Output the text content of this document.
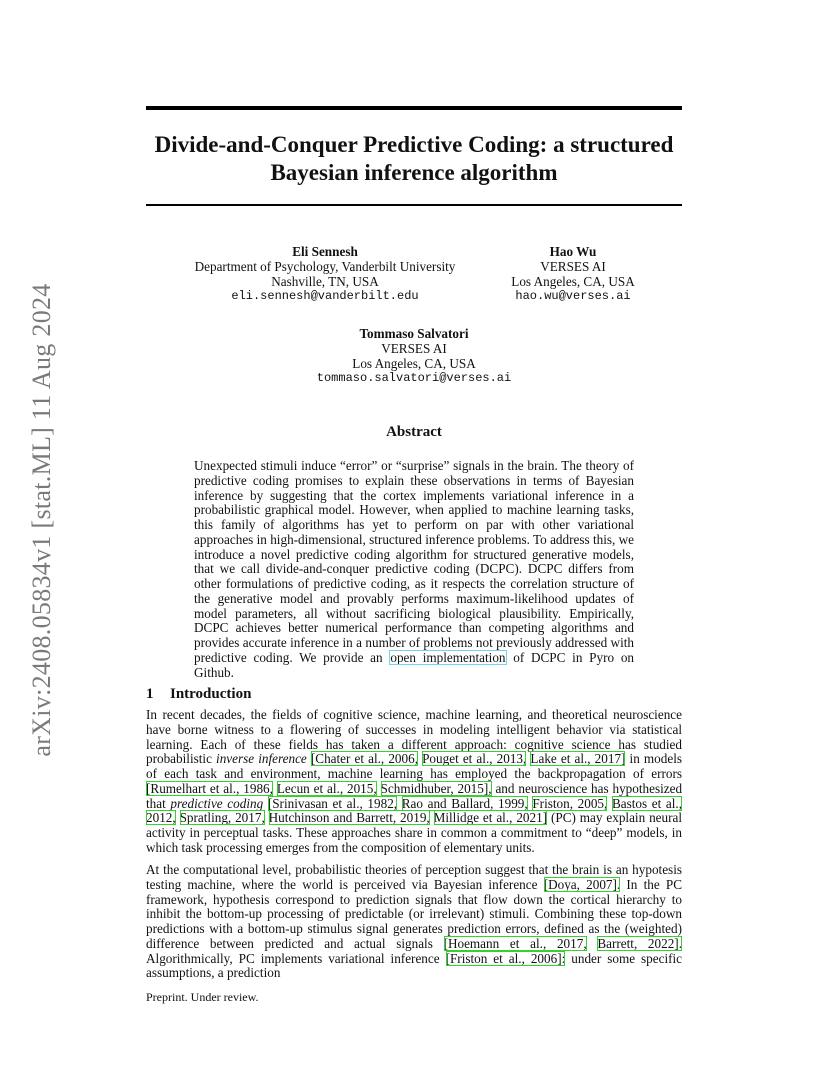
arXiv:2408.05834v1 [stat.ML] 11 Aug 2024
Divide-and-Conquer Predictive Coding: a structured
Bayesian inference algorithm
Eli Sennesh
Department of Psychology, Vanderbilt University
Nashville, TN, USA
eli.sennesh@vanderbilt.edu
Hao Wu
VERSES AI
Los Angeles, CA, USA
hao.wu@verses.ai
Tommaso Salvatori
VERSES AI
Los Angeles, CA, USA
tommaso.salvatori@verses.ai
Abstract
Unexpected stimuli induce “error” or “surprise” signals in the brain. The theory of predictive coding promises to explain these observations in terms of Bayesian inference by suggesting that the cortex implements variational inference in a probabilistic graphical model. However, when applied to machine learning tasks, this family of algorithms has yet to perform on par with other variational approaches in high-dimensional, structured inference problems. To address this, we introduce a novel predictive coding algorithm for structured generative models, that we call divide-and-conquer predictive coding (DCPC). DCPC differs from other formulations of predictive coding, as it respects the correlation structure of the generative model and provably performs maximum-likelihood updates of model parameters, all without sacrificing biological plausibility. Empirically, DCPC achieves better numerical performance than competing algorithms and provides accurate inference in a number of problems not previously addressed with predictive coding. We provide an open implementation of DCPC in Pyro on Github.
1 Introduction
In recent decades, the fields of cognitive science, machine learning, and theoretical neuroscience have borne witness to a flowering of successes in modeling intelligent behavior via statistical learning. Each of these fields has taken a different approach: cognitive science has studied probabilistic inverse inference [Chater et al., 2006, Pouget et al., 2013, Lake et al., 2017] in models of each task and environment, machine learning has employed the backpropagation of errors [Rumelhart et al., 1986, Lecun et al., 2015, Schmidhuber, 2015], and neuroscience has hypothesized that predictive coding [Srinivasan et al., 1982, Rao and Ballard, 1999, Friston, 2005, Bastos et al., 2012, Spratling, 2017, Hutchinson and Barrett, 2019, Millidge et al., 2021] (PC) may explain neural activity in perceptual tasks. These approaches share in common a commitment to “deep” models, in which task processing emerges from the composition of elementary units.
At the computational level, probabilistic theories of perception suggest that the brain is an hypotesis testing machine, where the world is perceived via Bayesian inference [Doya, 2007]. In the PC framework, hypothesis correspond to prediction signals that flow down the cortical hierarchy to inhibit the bottom-up processing of predictable (or irrelevant) stimuli. Combining these top-down predictions with a bottom-up stimulus signal generates prediction errors, defined as the (weighted) difference between predicted and actual signals [Hoemann et al., 2017, Barrett, 2022]. Algorithmically, PC implements variational inference [Friston et al., 2006]: under some specific assumptions, a prediction
Preprint. Under review.
